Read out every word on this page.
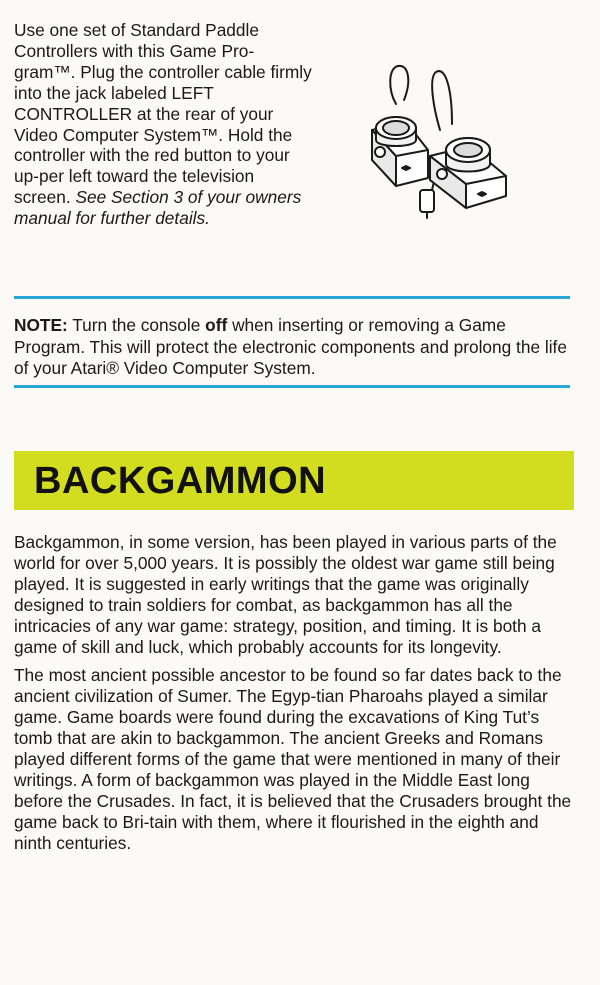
Use one set of Standard Paddle Controllers with this Game Pro-gram™. Plug the controller cable firmly into the jack labeled LEFT CONTROLLER at the rear of your Video Computer System™. Hold the controller with the red button to your up-per left toward the television screen. See Section 3 of your owners manual for further details.

NOTE: Turn the console off when inserting or removing a Game Program. This will protect the electronic components and prolong the life of your Atari® Video Computer System.

BACKGAMMON

Backgammon, in some version, has been played in various parts of the world for over 5,000 years. It is possibly the oldest war game still being played. It is suggested in early writings that the game was originally designed to train soldiers for combat, as backgammon has all the intricacies of any war game: strategy, position, and timing. It is both a game of skill and luck, which probably accounts for its longevity.

The most ancient possible ancestor to be found so far dates back to the ancient civilization of Sumer. The Egyp-tian Pharoahs played a similar game. Game boards were found during the excavations of King Tut’s tomb that are akin to backgammon. The ancient Greeks and Romans played different forms of the game that were mentioned in many of their writings. A form of backgammon was played in the Middle East long before the Crusades. In fact, it is believed that the Crusaders brought the game back to Bri-tain with them, where it flourished in the eighth and ninth centuries.
